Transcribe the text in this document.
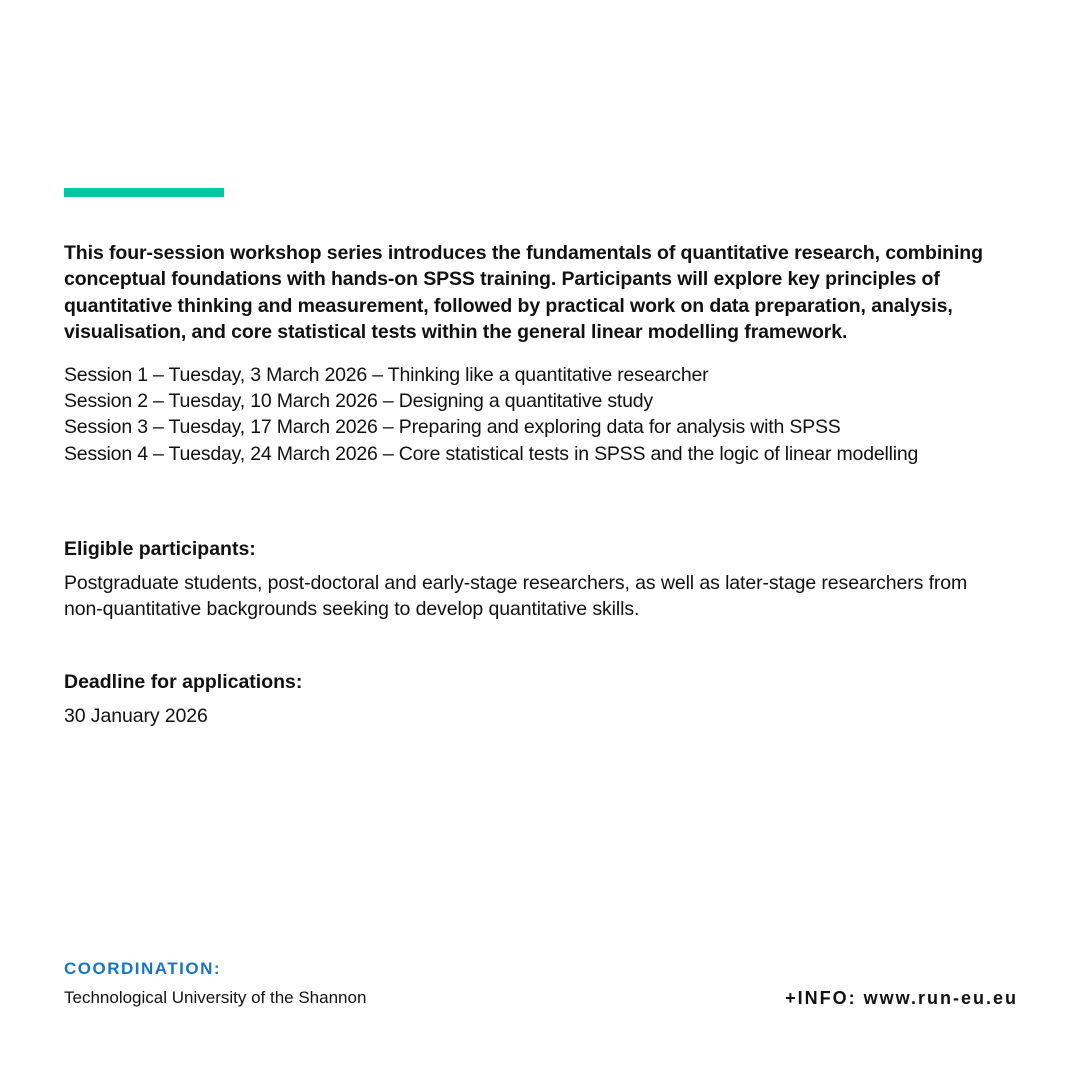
This four-session workshop series introduces the fundamentals of quantitative research, combining conceptual foundations with hands-on SPSS training. Participants will explore key principles of quantitative thinking and measurement, followed by practical work on data preparation, analysis, visualisation, and core statistical tests within the general linear modelling framework.

Session 1 – Tuesday, 3 March 2026 – Thinking like a quantitative researcher
Session 2 – Tuesday, 10 March 2026 – Designing a quantitative study
Session 3 – Tuesday, 17 March 2026 – Preparing and exploring data for analysis with SPSS
Session 4 – Tuesday, 24 March 2026 – Core statistical tests in SPSS and the logic of linear modelling
Eligible participants:

Postgraduate students, post-doctoral and early-stage researchers, as well as later-stage researchers from non-quantitative backgrounds seeking to develop quantitative skills.

Deadline for applications:

30 January 2026

COORDINATION:
Technological University of the Shannon	+INFO: www.run-eu.eu
